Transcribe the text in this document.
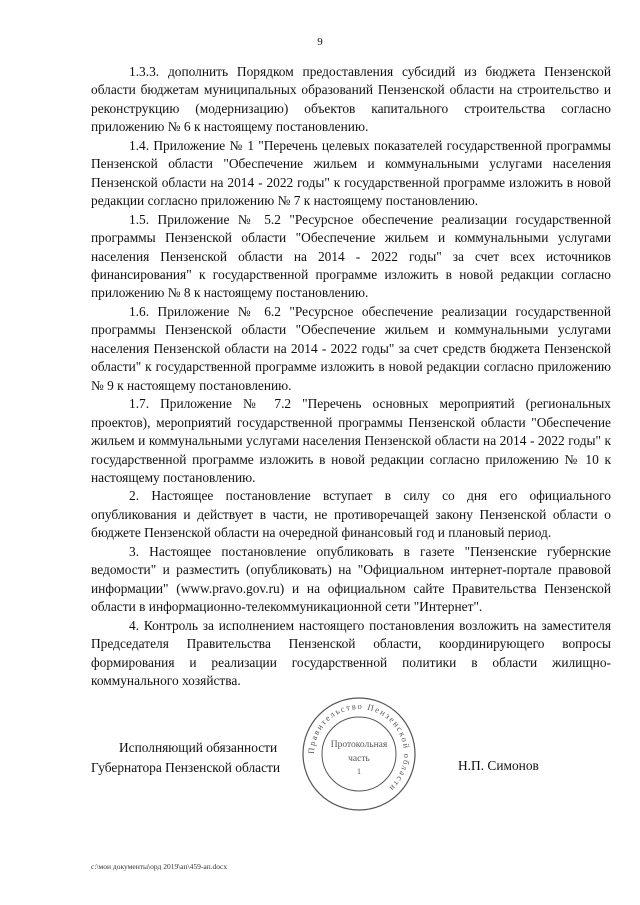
9

1.3.3. дополнить Порядком предоставления субсидий из бюджета Пензенской области бюджетам муниципальных образований Пензенской области на строительство и реконструкцию (модернизацию) объектов капитального строительства согласно приложению № 6 к настоящему постановлению.

1.4. Приложение № 1 "Перечень целевых показателей государственной программы Пензенской области "Обеспечение жильем и коммунальными услугами населения Пензенской области на 2014 - 2022 годы" к государственной программе изложить в новой редакции согласно приложению № 7 к настоящему постановлению.

1.5. Приложение № 5.2 "Ресурсное обеспечение реализации государственной программы Пензенской области "Обеспечение жильем и коммунальными услугами населения Пензенской области на 2014 - 2022 годы" за счет всех источников финансирования" к государственной программе изложить в новой редакции согласно приложению № 8 к настоящему постановлению.

1.6. Приложение № 6.2 "Ресурсное обеспечение реализации государственной программы Пензенской области "Обеспечение жильем и коммунальными услугами населения Пензенской области на 2014 - 2022 годы" за счет средств бюджета Пензенской области" к государственной программе изложить в новой редакции согласно приложению № 9 к настоящему постановлению.

1.7. Приложение № 7.2 "Перечень основных мероприятий (региональных проектов), мероприятий государственной программы Пензенской области "Обеспечение жильем и коммунальными услугами населения Пензенской области на 2014 - 2022 годы" к государственной программе изложить в новой редакции согласно приложению № 10 к настоящему постановлению.

2. Настоящее постановление вступает в силу со дня его официального опубликования и действует в части, не противоречащей закону Пензенской области о бюджете Пензенской области на очередной финансовый год и плановый период.

3. Настоящее постановление опубликовать в газете "Пензенские губернские ведомости" и разместить (опубликовать) на "Официальном интернет-портале правовой информации" (www.pravo.gov.ru) и на официальном сайте Правительства Пензенской области в информационно-телекоммуникационной сети "Интернет".

4. Контроль за исполнением настоящего постановления возложить на заместителя Председателя Правительства Пензенской области, координирующего вопросы формирования и реализации государственной политики в области жилищно-коммунального хозяйства.

Исполняющий обязанности
Губернатора Пензенской области	Н.П. Симонов
Правительство Пензенской области
Протокольная
часть
1
c:\мои документы\орд 2019\ап\459-ап.docx
